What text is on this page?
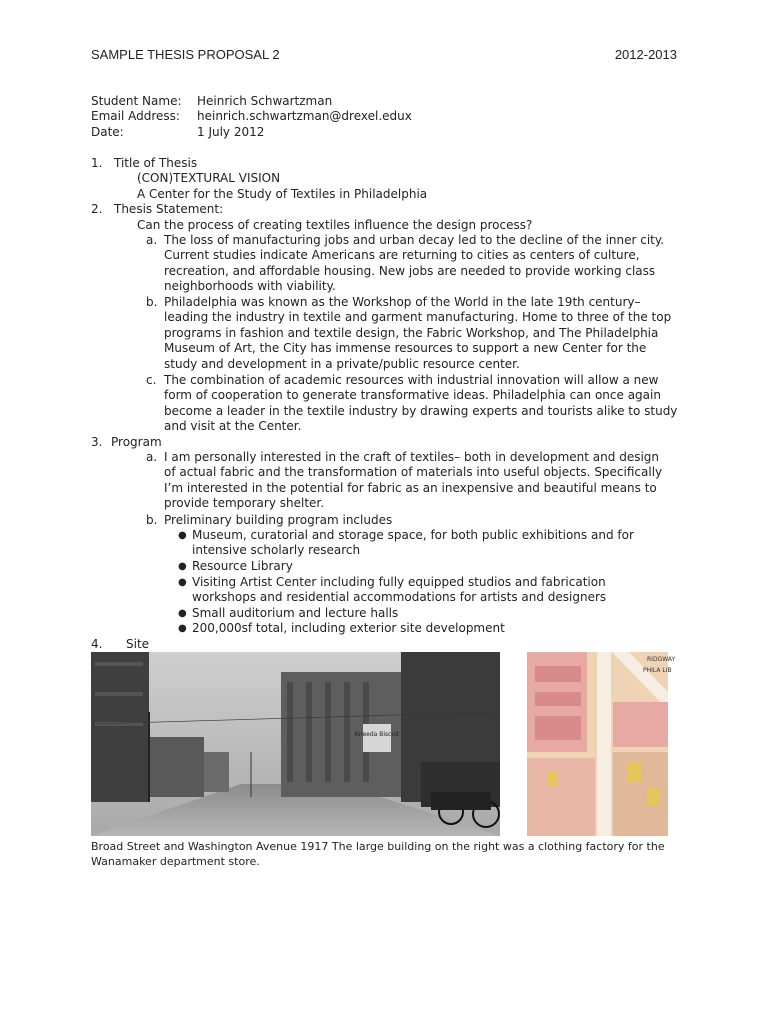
SAMPLE THESIS PROPOSAL 2	2012-2013
Student Name: Heinrich Schwartzman
Email Address: heinrich.schwartzman@drexel.edux
Date:	1 July 2012
1. Title of Thesis
(CON)TEXTURAL VISION
A Center for the Study of Textiles in Philadelphia
2. Thesis Statement:
Can the process of creating textiles influence the design process?
a. The loss of manufacturing jobs and urban decay led to the decline of the inner city. Current studies indicate Americans are returning to cities as centers of culture, recreation, and affordable housing. New jobs are needed to provide working class neighborhoods with viability.
b. Philadelphia was known as the Workshop of the World in the late 19th century–leading the industry in textile and garment manufacturing. Home to three of the top programs in fashion and textile design, the Fabric Workshop, and The Philadelphia Museum of Art, the City has immense resources to support a new Center for the study and development in a private/public resource center.
c. The combination of academic resources with industrial innovation will allow a new form of cooperation to generate transformative ideas. Philadelphia can once again become a leader in the textile industry by drawing experts and tourists alike to study and visit at the Center.
3. Program
a. I am personally interested in the craft of textiles– both in development and design of actual fabric and the transformation of materials into useful objects. Specifically I’m interested in the potential for fabric as an inexpensive and beautiful means to provide temporary shelter.
b. Preliminary building program includes
● Museum, curatorial and storage space, for both public exhibitions and for intensive scholarly research
● Resource Library
● Visiting Artist Center including fully equipped studios and fabrication workshops and residential accommodations for artists and designers
● Small auditorium and lecture halls
● 200,000sf total, including exterior site development
4. Site
Kneeda Biscuit
RIDGWAY
PHILA LIB
Broad Street and Washington Avenue 1917 The large building on the right was a clothing factory for the Wanamaker department store.
